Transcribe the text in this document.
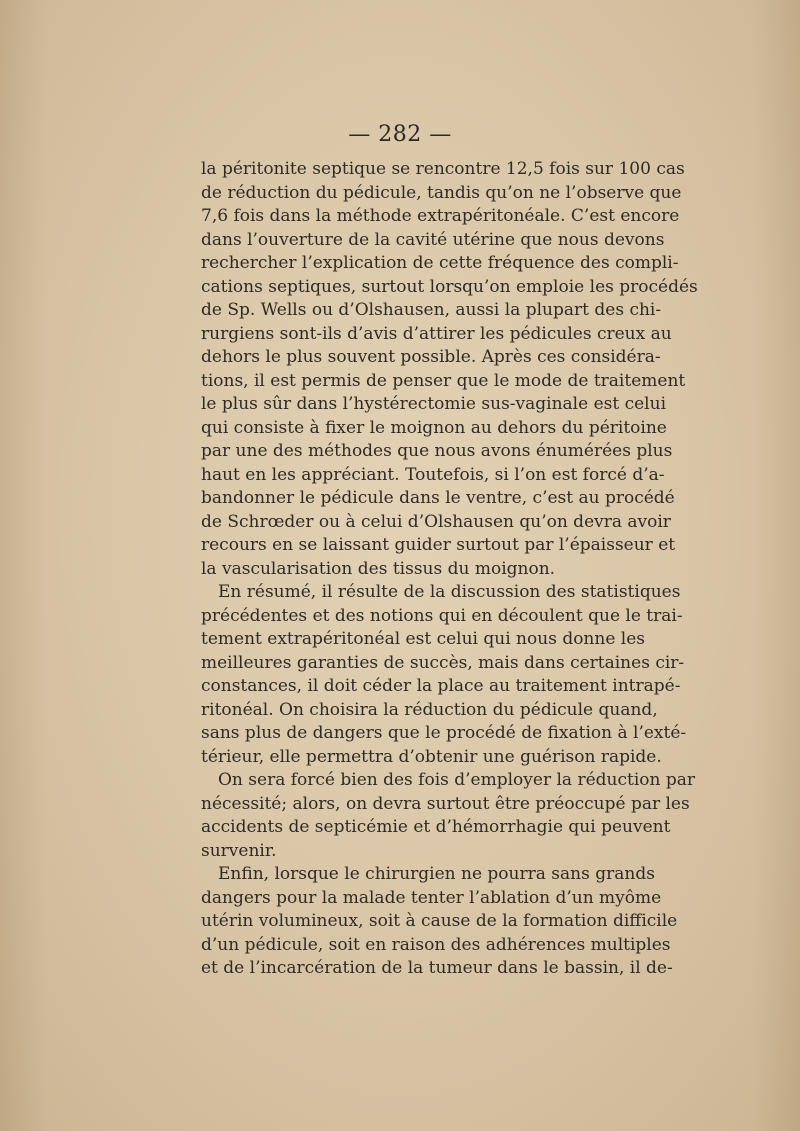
— 282 —
la péritonite septique se rencontre 12,5 fois sur 100 cas
de réduction du pédicule, tandis qu’on ne l’observe que
7,6 fois dans la méthode extrapéritonéale. C’est encore
dans l’ouverture de la cavité utérine que nous devons
rechercher l’explication de cette fréquence des compli-
cations septiques, surtout lorsqu’on emploie les procédés
de Sp. Wells ou d’Olshausen, aussi la plupart des chi-
rurgiens sont-ils d’avis d’attirer les pédicules creux au
dehors le plus souvent possible. Après ces considéra-
tions, il est permis de penser que le mode de traitement
le plus sûr dans l’hystérectomie sus-vaginale est celui
qui consiste à fixer le moignon au dehors du péritoine
par une des méthodes que nous avons énumérées plus
haut en les appréciant. Toutefois, si l’on est forcé d’a-
bandonner le pédicule dans le ventre, c’est au procédé
de Schrœder ou à celui d’Olshausen qu’on devra avoir
recours en se laissant guider surtout par l’épaisseur et
la vascularisation des tissus du moignon.
En résumé, il résulte de la discussion des statistiques
précédentes et des notions qui en découlent que le trai-
tement extrapéritonéal est celui qui nous donne les
meilleures garanties de succès, mais dans certaines cir-
constances, il doit céder la place au traitement intrapé-
ritonéal. On choisira la réduction du pédicule quand,
sans plus de dangers que le procédé de fixation à l’exté-
térieur, elle permettra d’obtenir une guérison rapide.
On sera forcé bien des fois d’employer la réduction par
nécessité; alors, on devra surtout être préoccupé par les
accidents de septicémie et d’hémorrhagie qui peuvent
survenir.
Enfin, lorsque le chirurgien ne pourra sans grands
dangers pour la malade tenter l’ablation d’un myôme
utérin volumineux, soit à cause de la formation difficile
d’un pédicule, soit en raison des adhérences multiples
et de l’incarcération de la tumeur dans le bassin, il de-
